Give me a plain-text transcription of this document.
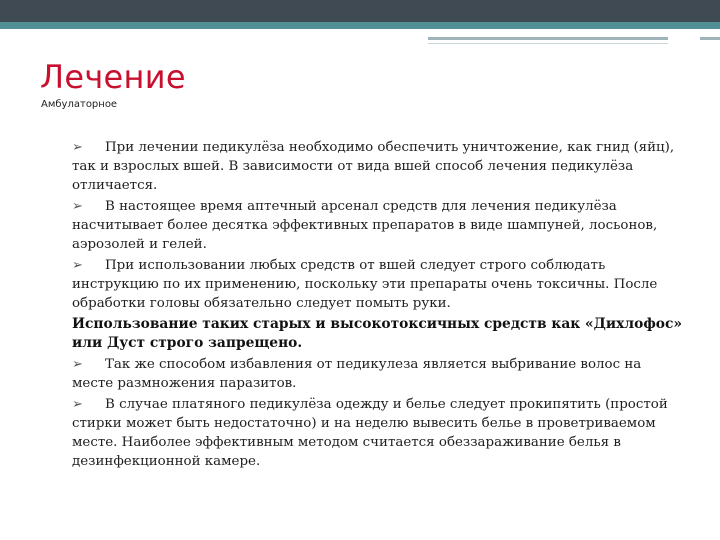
Лечение

Амбулаторное

➢ При лечении педикулёза необходимо обеспечить уничтожение, как гнид (яйц), так и взрослых вшей. В зависимости от вида вшей способ лечения педикулёза отличается.

➢ В настоящее время аптечный арсенал средств для лечения педикулёза насчитывает более десятка эффективных препаратов в виде шампуней, лосьонов, аэрозолей и гелей.

➢ При использовании любых средств от вшей следует строго соблюдать инструкцию по их применению, поскольку эти препараты очень токсичны. После обработки головы обязательно следует помыть руки.

Использование таких старых и высокотоксичных средств как «Дихлофос» или Дуст строго запрещено.

➢ Так же способом избавления от педикулеза является выбривание волос на месте размножения паразитов.

➢ В случае платяного педикулёза одежду и белье следует прокипятить (простой стирки может быть недостаточно) и на неделю вывесить белье в проветриваемом месте. Наиболее эффективным методом считается обеззараживание белья в дезинфекционной камере.
